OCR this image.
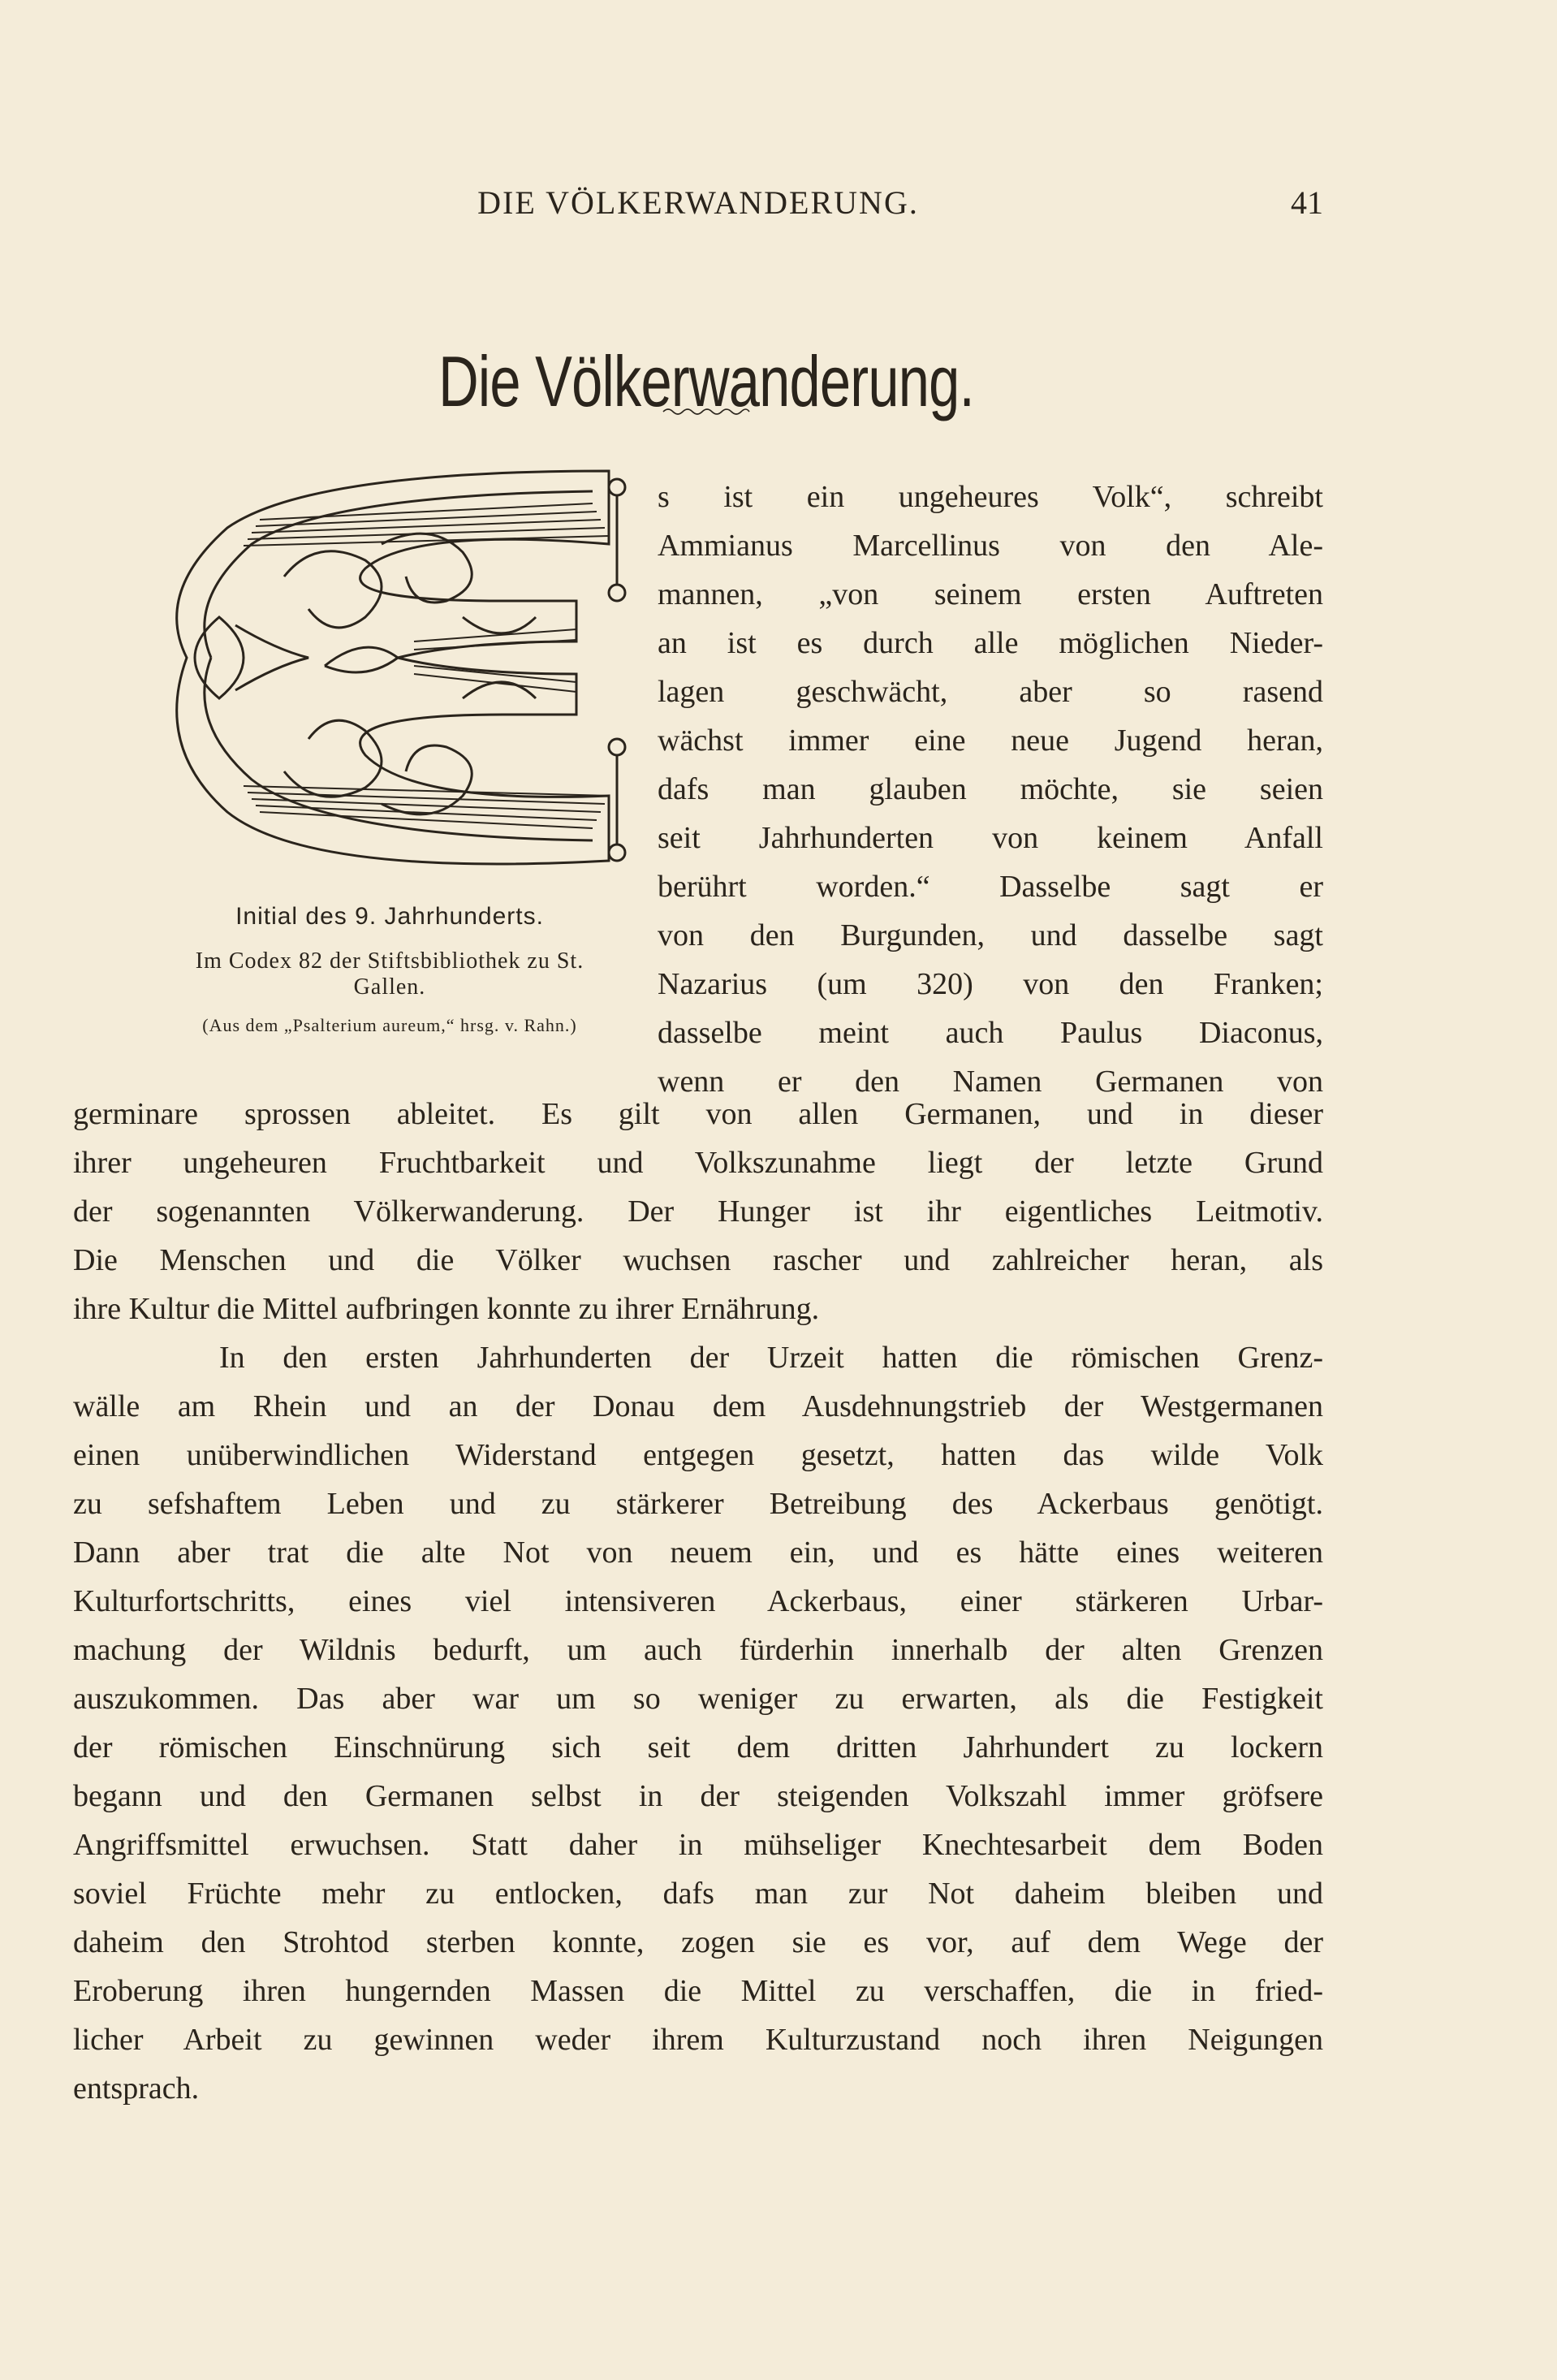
DIE VÖLKERWANDERUNG.	41
Die Völkerwanderung.
Initial des 9. Jahrhunderts.
Im Codex 82 der Stiftsbibliothek zu St. Gallen.
(Aus dem „Psalterium aureum,“ hrsg. v. Rahn.)
s ist ein ungeheures Volk“, schreibt
Ammianus Marcellinus von den Ale-
mannen, „von seinem ersten Auftreten
an ist es durch alle möglichen Nieder-
lagen geschwächt, aber so rasend
wächst immer eine neue Jugend heran,
dafs man glauben möchte, sie seien
seit Jahrhunderten von keinem Anfall
berührt worden.“ Dasselbe sagt er
von den Burgunden, und dasselbe sagt
Nazarius (um 320) von den Franken;
dasselbe meint auch Paulus Diaconus,
wenn er den Namen Germanen von
germinare sprossen ableitet. Es gilt von allen Germanen, und in dieser
ihrer ungeheuren Fruchtbarkeit und Volkszunahme liegt der letzte Grund
der sogenannten Völkerwanderung. Der Hunger ist ihr eigentliches Leitmotiv.
Die Menschen und die Völker wuchsen rascher und zahlreicher heran, als
ihre Kultur die Mittel aufbringen konnte zu ihrer Ernährung.
In den ersten Jahrhunderten der Urzeit hatten die römischen Grenz-
wälle am Rhein und an der Donau dem Ausdehnungstrieb der Westgermanen
einen unüberwindlichen Widerstand entgegen gesetzt, hatten das wilde Volk
zu sefshaftem Leben und zu stärkerer Betreibung des Ackerbaus genötigt.
Dann aber trat die alte Not von neuem ein, und es hätte eines weiteren
Kulturfortschritts, eines viel intensiveren Ackerbaus, einer stärkeren Urbar-
machung der Wildnis bedurft, um auch fürderhin innerhalb der alten Grenzen
auszukommen. Das aber war um so weniger zu erwarten, als die Festigkeit
der römischen Einschnürung sich seit dem dritten Jahrhundert zu lockern
begann und den Germanen selbst in der steigenden Volkszahl immer gröfsere
Angriffsmittel erwuchsen. Statt daher in mühseliger Knechtesarbeit dem Boden
soviel Früchte mehr zu entlocken, dafs man zur Not daheim bleiben und
daheim den Strohtod sterben konnte, zogen sie es vor, auf dem Wege der
Eroberung ihren hungernden Massen die Mittel zu verschaffen, die in fried-
licher Arbeit zu gewinnen weder ihrem Kulturzustand noch ihren Neigungen
entsprach.
